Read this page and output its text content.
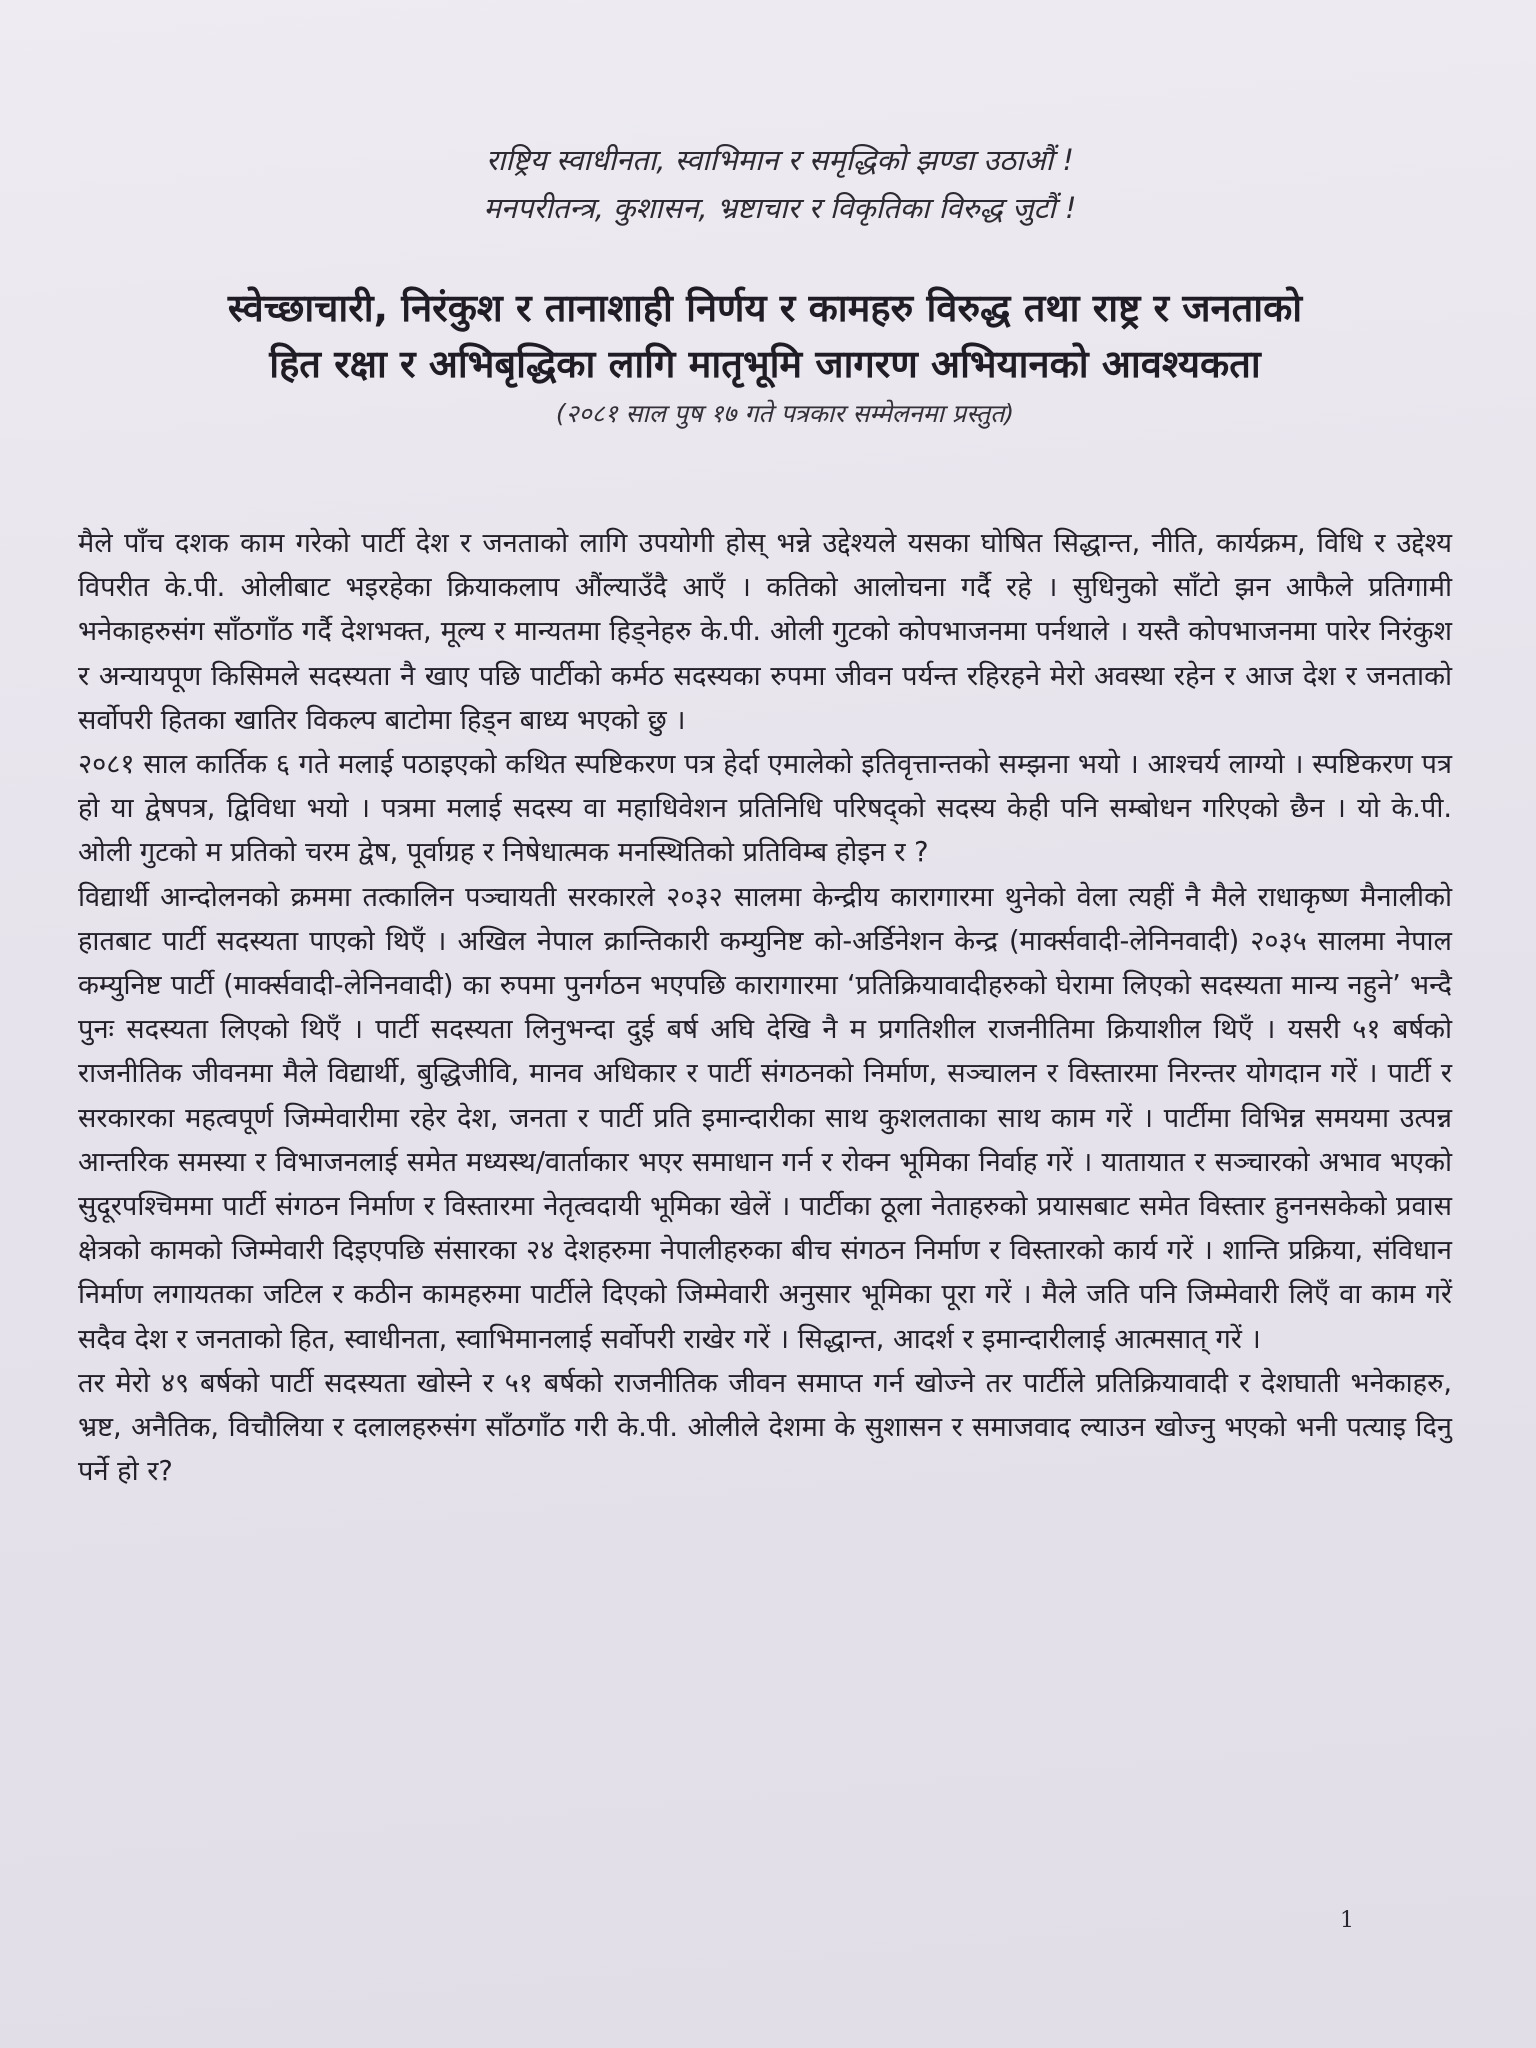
राष्ट्रिय स्वाधीनता, स्वाभिमान र समृद्धिको झण्डा उठाऔं !
मनपरीतन्त्र, कुशासन, भ्रष्टाचार र विकृतिका विरुद्ध जुटौं !
स्वेच्छाचारी, निरंकुश र तानाशाही निर्णय र कामहरु विरुद्ध तथा राष्ट्र र जनताको
हित रक्षा र अभिबृद्धिका लागि मातृभूमि जागरण अभियानको आवश्यकता
(२०८१ साल पुष १७ गते पत्रकार सम्मेलनमा प्रस्तुत)

मैले पाँच दशक काम गरेको पार्टी देश र जनताको लागि उपयोगी होस् भन्ने उद्देश्यले यसका घोषित सिद्धान्त, नीति, कार्यक्रम, विधि र उद्देश्य विपरीत के.पी. ओलीबाट भइरहेका क्रियाकलाप औंल्याउँदै आएँ । कतिको आलोचना गर्दै रहे । सुधिनुको साँटो झन आफैले प्रतिगामी भनेकाहरुसंग साँठगाँठ गर्दै देशभक्त, मूल्य र मान्यतमा हिड्नेहरु के.पी. ओली गुटको कोपभाजनमा पर्नथाले । यस्तै कोपभाजनमा पारेर निरंकुश र अन्यायपूण किसिमले सदस्यता नै खाए पछि पार्टीको कर्मठ सदस्यका रुपमा जीवन पर्यन्त रहिरहने मेरो अवस्था रहेन र आज देश र जनताको सर्वोपरी हितका खातिर विकल्प बाटोमा हिड्न बाध्य भएको छु ।

२०८१ साल कार्तिक ६ गते मलाई पठाइएको कथित स्पष्टिकरण पत्र हेर्दा एमालेको इतिवृत्तान्तको सम्झना भयो । आश्चर्य लाग्यो । स्पष्टिकरण पत्र हो या द्वेषपत्र, द्विविधा भयो । पत्रमा मलाई सदस्य वा महाधिवेशन प्रतिनिधि परिषद्को सदस्य केही पनि सम्बोधन गरिएको छैन । यो के.पी. ओली गुटको म प्रतिको चरम द्वेष, पूर्वाग्रह र निषेधात्मक मनस्थितिको प्रतिविम्ब होइन र ?

विद्यार्थी आन्दोलनको क्रममा तत्कालिन पञ्चायती सरकारले २०३२ सालमा केन्द्रीय कारागारमा थुनेको वेला त्यहीं नै मैले राधाकृष्ण मैनालीको हातबाट पार्टी सदस्यता पाएको थिएँ । अखिल नेपाल क्रान्तिकारी कम्युनिष्ट को-अर्डिनेशन केन्द्र (मार्क्सवादी-लेनिनवादी) २०३५ सालमा नेपाल कम्युनिष्ट पार्टी (मार्क्सवादी-लेनिनवादी) का रुपमा पुनर्गठन भएपछि कारागारमा ‘प्रतिक्रियावादीहरुको घेरामा लिएको सदस्यता मान्य नहुने’ भन्दै पुनः सदस्यता लिएको थिएँ । पार्टी सदस्यता लिनुभन्दा दुई बर्ष अघि देखि नै म प्रगतिशील राजनीतिमा क्रियाशील थिएँ । यसरी ५१ बर्षको राजनीतिक जीवनमा मैले विद्यार्थी, बुद्धिजीवि, मानव अधिकार र पार्टी संगठनको निर्माण, सञ्चालन र विस्तारमा निरन्तर योगदान गरें । पार्टी र सरकारका महत्वपूर्ण जिम्मेवारीमा रहेर देश, जनता र पार्टी प्रति इमान्दारीका साथ कुशलताका साथ काम गरें । पार्टीमा विभिन्न समयमा उत्पन्न आन्तरिक समस्या र विभाजनलाई समेत मध्यस्थ/वार्ताकार भएर समाधान गर्न र रोक्न भूमिका निर्वाह गरें । यातायात र सञ्चारको अभाव भएको सुदूरपश्चिममा पार्टी संगठन निर्माण र विस्तारमा नेतृत्वदायी भूमिका खेलें । पार्टीका ठूला नेताहरुको प्रयासबाट समेत विस्तार हुननसकेको प्रवास क्षेत्रको कामको जिम्मेवारी दिइएपछि संसारका २४ देशहरुमा नेपालीहरुका बीच संगठन निर्माण र विस्तारको कार्य गरें । शान्ति प्रक्रिया, संविधान निर्माण लगायतका जटिल र कठीन कामहरुमा पार्टीले दिएको जिम्मेवारी अनुसार भूमिका पूरा गरें । मैले जति पनि जिम्मेवारी लिएँ वा काम गरें सदैव देश र जनताको हित, स्वाधीनता, स्वाभिमानलाई सर्वोपरी राखेर गरें । सिद्धान्त, आदर्श र इमान्दारीलाई आत्मसात् गरें ।

तर मेरो ४९ बर्षको पार्टी सदस्यता खोस्ने र ५१ बर्षको राजनीतिक जीवन समाप्त गर्न खोज्ने तर पार्टीले प्रतिक्रियावादी र देशघाती भनेकाहरु, भ्रष्ट, अनैतिक, विचौलिया र दलालहरुसंग साँठगाँठ गरी के.पी. ओलीले देशमा के सुशासन र समाजवाद ल्याउन खोज्नु भएको भनी पत्याइ दिनु पर्ने हो र?

1
